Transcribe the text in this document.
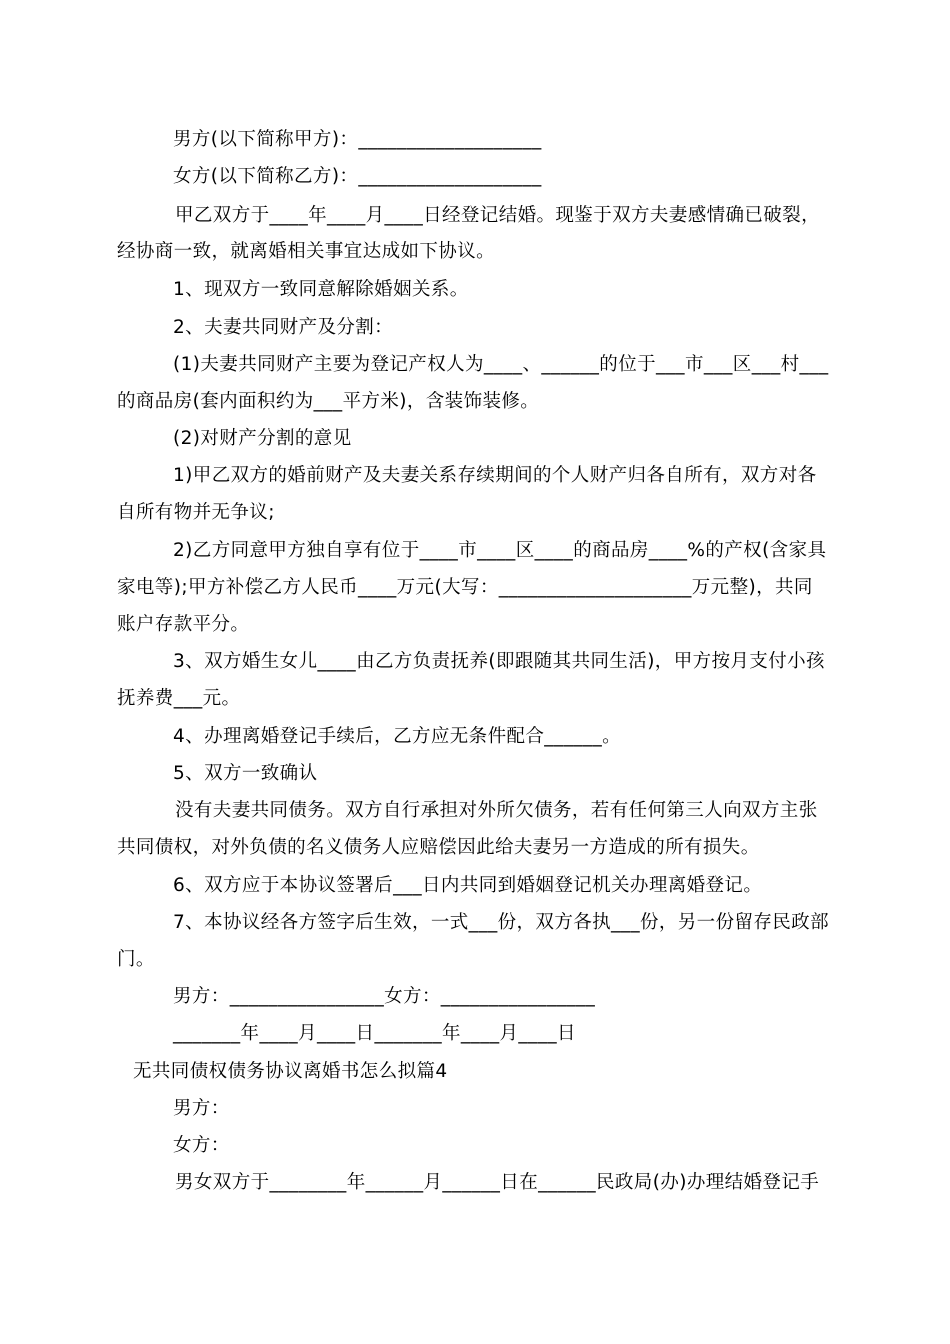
男方(以下简称甲方)：___________________
女方(以下简称乙方)：___________________
甲乙双方于____年____月____日经登记结婚。现鉴于双方夫妻感情确已破裂，
经协商一致，就离婚相关事宜达成如下协议。
1、现双方一致同意解除婚姻关系。
2、夫妻共同财产及分割：
(1)夫妻共同财产主要为登记产权人为____、______的位于___市___区___村___
的商品房(套内面积约为___平方米)，含装饰装修。
(2)对财产分割的意见
1)甲乙双方的婚前财产及夫妻关系存续期间的个人财产归各自所有，双方对各
自所有物并无争议;
2)乙方同意甲方独自享有位于____市____区____的商品房____%的产权(含家具
家电等);甲方补偿乙方人民币____万元(大写：____________________万元整)，共同
账户存款平分。
3、双方婚生女儿____由乙方负责抚养(即跟随其共同生活)，甲方按月支付小孩
抚养费___元。
4、办理离婚登记手续后，乙方应无条件配合______。
5、双方一致确认
没有夫妻共同债务。双方自行承担对外所欠债务，若有任何第三人向双方主张
共同债权，对外负债的名义债务人应赔偿因此给夫妻另一方造成的所有损失。
6、双方应于本协议签署后___日内共同到婚姻登记机关办理离婚登记。
7、本协议经各方签字后生效，一式___份，双方各执___份，另一份留存民政部
门。
男方：________________女方：________________
_______年____月____日_______年____月____日
无共同债权债务协议离婚书怎么拟篇4
男方：
女方：
男女双方于________年______月______日在______民政局(办)办理结婚登记手
